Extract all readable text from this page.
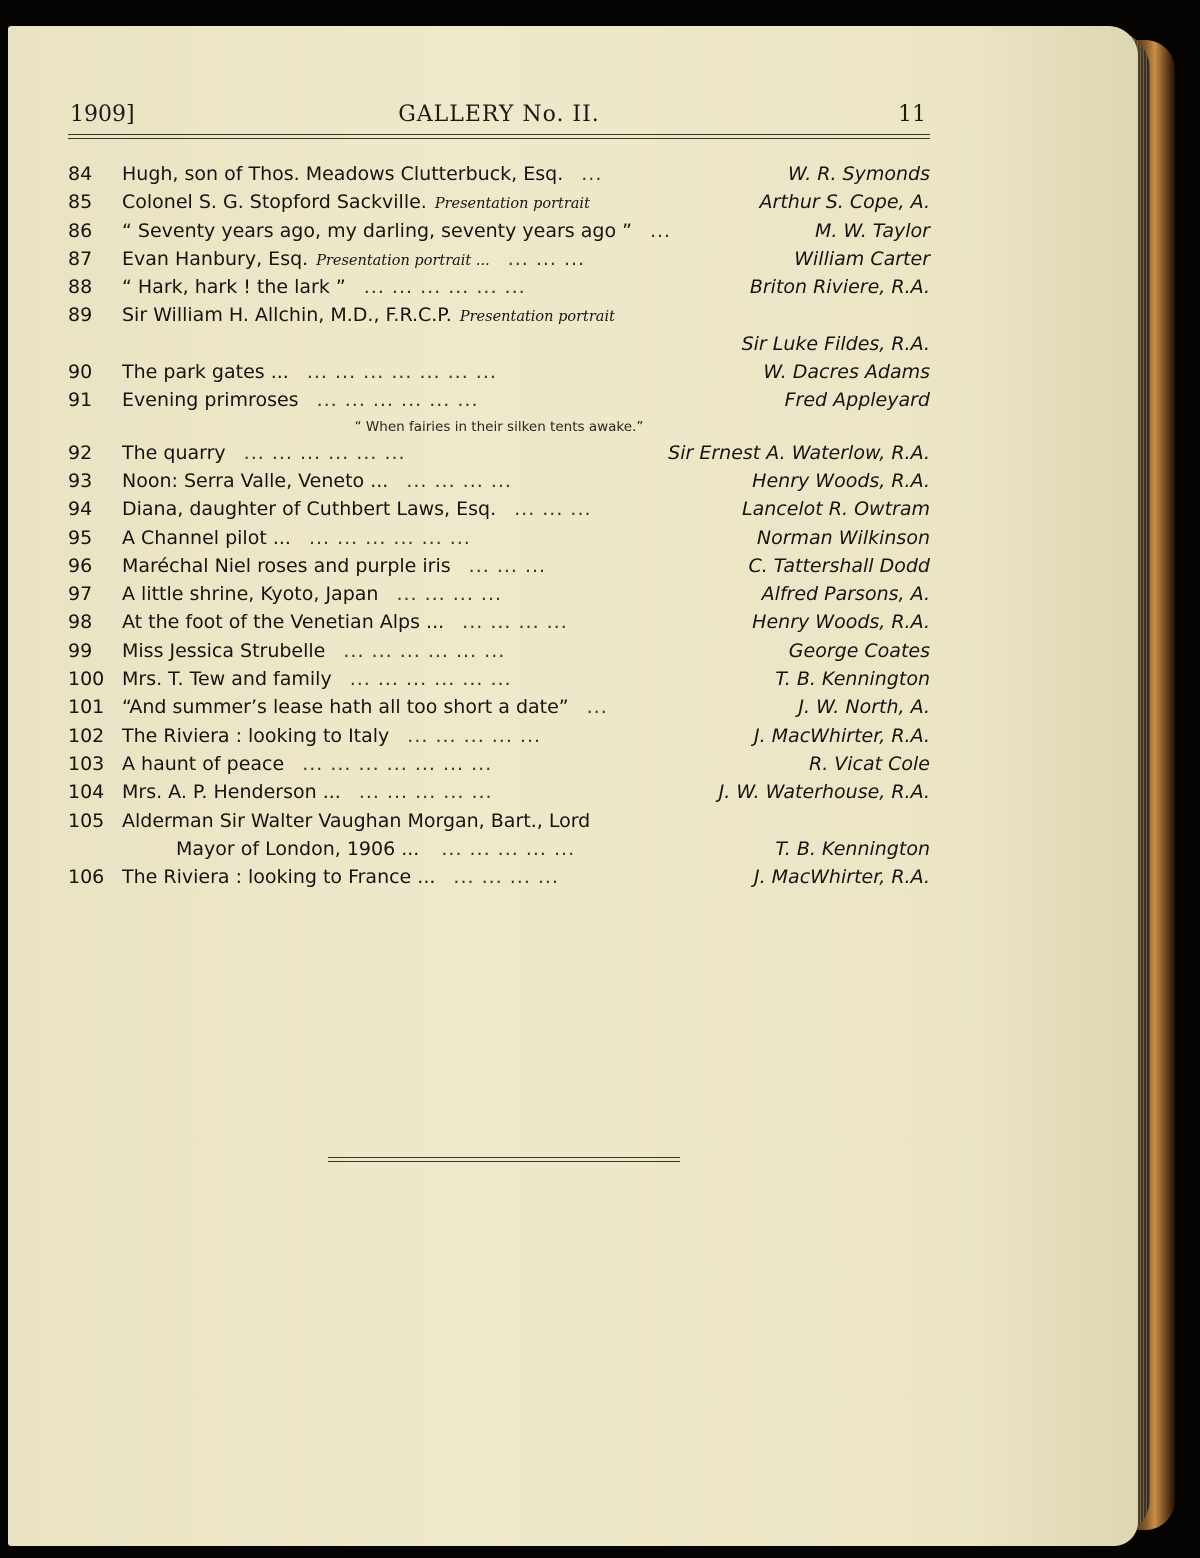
1909]	GALLERY No. II.	11
84	Hugh, son of Thos. Meadows Clutterbuck, Esq. ...	W. R. Symonds
85	Colonel S. G. Stopford Sackville. Presentation portrait	Arthur S. Cope, A.
86	“ Seventy years ago, my darling, seventy years ago ” ...	M. W. Taylor
87	Evan Hanbury, Esq. Presentation portrait ... ... ... ...	William Carter
88	“ Hark, hark ! the lark ” ... ... ... ... ... ...	Briton Riviere, R.A.
89	Sir William H. Allchin, M.D., F.R.C.P. Presentation portrait
Sir Luke Fildes, R.A.
90	The park gates ... ... ... ... ... ... ... ...	W. Dacres Adams
91	Evening primroses ... ... ... ... ... ...	Fred Appleyard
“ When fairies in their silken tents awake.”
92	The quarry ... ... ... ... ... ...	Sir Ernest A. Waterlow, R.A.
93	Noon: Serra Valle, Veneto ... ... ... ... ...	Henry Woods, R.A.
94	Diana, daughter of Cuthbert Laws, Esq. ... ... ...	Lancelot R. Owtram
95	A Channel pilot ... ... ... ... ... ... ...	Norman Wilkinson
96	Maréchal Niel roses and purple iris ... ... ...	C. Tattershall Dodd
97	A little shrine, Kyoto, Japan ... ... ... ...	Alfred Parsons, A.
98	At the foot of the Venetian Alps ... ... ... ... ...	Henry Woods, R.A.
99	Miss Jessica Strubelle ... ... ... ... ... ...	George Coates
100 Mrs. T. Tew and family ... ... ... ... ... ...	T. B. Kennington
101 “And summer’s lease hath all too short a date” ...	J. W. North, A.
102 The Riviera : looking to Italy ... ... ... ... ...	J. MacWhirter, R.A.
103 A haunt of peace ... ... ... ... ... ... ...	R. Vicat Cole
104 Mrs. A. P. Henderson ... ... ... ... ... ...	J. W. Waterhouse, R.A.
105 Alderman Sir Walter Vaughan Morgan, Bart., Lord
Mayor of London, 1906 ... ... ... ... ... ...	T. B. Kennington
106 The Riviera : looking to France ... ... ... ... ...	J. MacWhirter, R.A.
